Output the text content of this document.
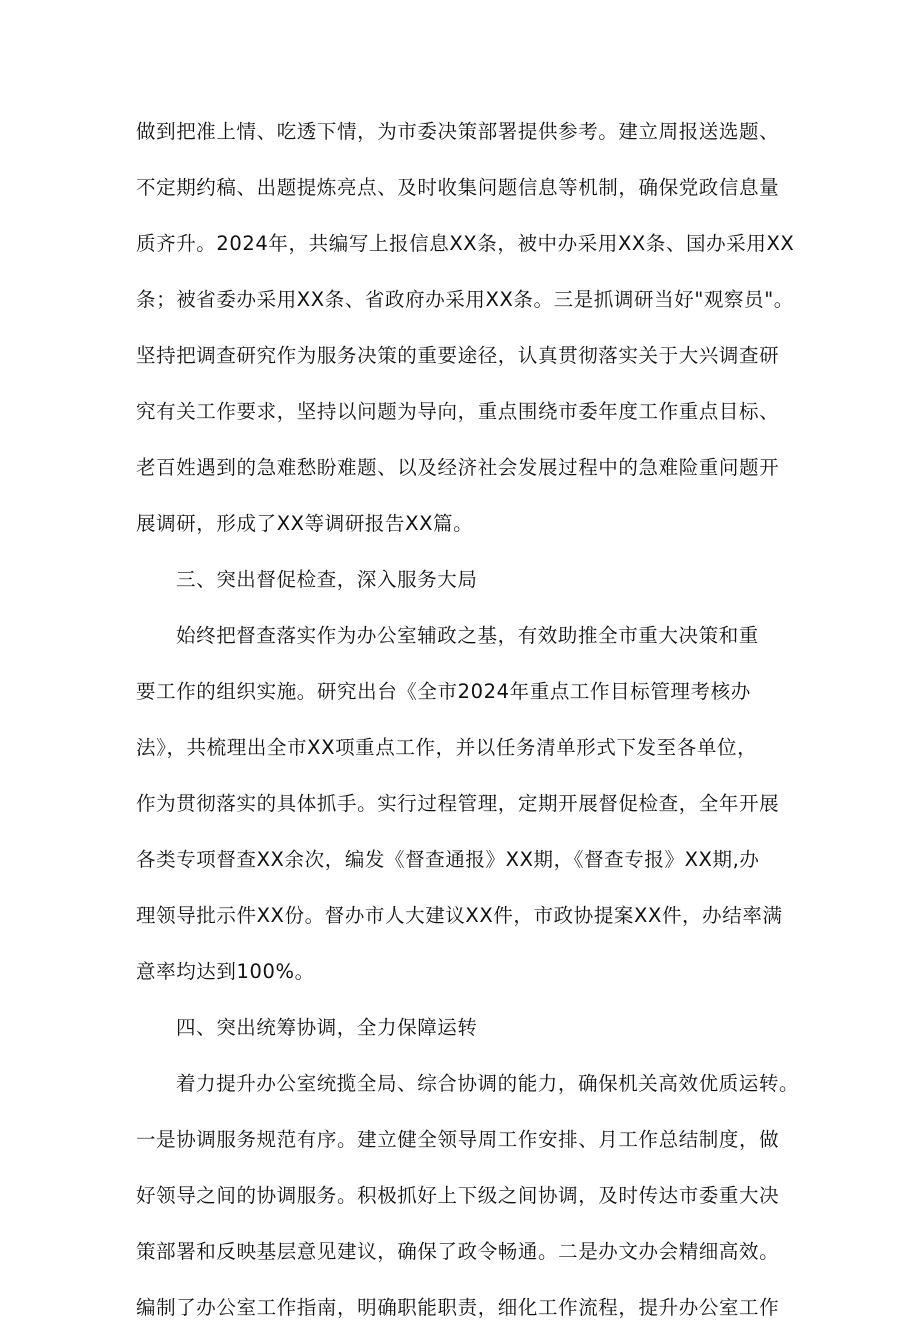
做到把准上情、吃透下情，为市委决策部署提供参考。建立周报送选题、
不定期约稿、出题提炼亮点、及时收集问题信息等机制，确保党政信息量
质齐升。2024年，共编写上报信息XX条，被中办采用XX条、国办采用XX
条；被省委办采用XX条、省政府办采用XX条。三是抓调研当好"观察员"。
坚持把调查研究作为服务决策的重要途径，认真贯彻落实关于大兴调查研
究有关工作要求，坚持以问题为导向，重点围绕市委年度工作重点目标、
老百姓遇到的急难愁盼难题、以及经济社会发展过程中的急难险重问题开
展调研，形成了XX等调研报告XX篇。
三、突出督促检查，深入服务大局
始终把督查落实作为办公室辅政之基，有效助推全市重大决策和重
要工作的组织实施。研究出台《全市2024年重点工作目标管理考核办
法》，共梳理出全市XX项重点工作，并以任务清单形式下发至各单位，
作为贯彻落实的具体抓手。实行过程管理，定期开展督促检查，全年开展
各类专项督查XX余次，编发《督查通报》XX期，《督查专报》XX期,办
理领导批示件XX份。督办市人大建议XX件，市政协提案XX件，办结率满
意率均达到100%。
四、突出统筹协调，全力保障运转
着力提升办公室统揽全局、综合协调的能力，确保机关高效优质运转。
一是协调服务规范有序。建立健全领导周工作安排、月工作总结制度，做
好领导之间的协调服务。积极抓好上下级之间协调，及时传达市委重大决
策部署和反映基层意见建议，确保了政令畅通。二是办文办会精细高效。
编制了办公室工作指南，明确职能职责，细化工作流程，提升办公室工作
